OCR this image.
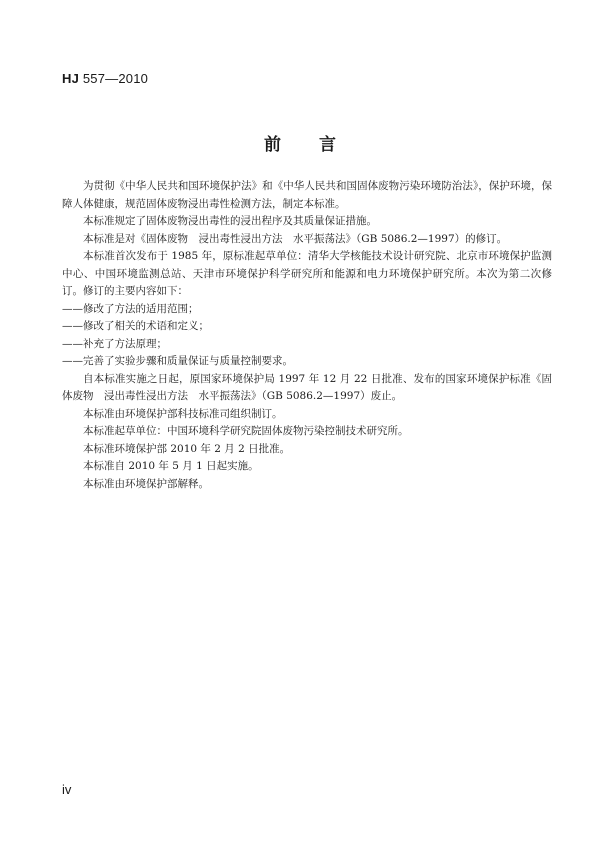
HJ 557—2010
前 言

为贯彻《中华人民共和国环境保护法》和《中华人民共和国固体废物污染环境防治法》，保护环境，保障人体健康，规范固体废物浸出毒性检测方法，制定本标准。

本标准规定了固体废物浸出毒性的浸出程序及其质量保证措施。

本标准是对《固体废物　浸出毒性浸出方法　水平振荡法》（GB 5086.2—1997）的修订。

本标准首次发布于 1985 年，原标准起草单位：清华大学核能技术设计研究院、北京市环境保护监测中心、中国环境监测总站、天津市环境保护科学研究所和能源和电力环境保护研究所。本次为第二次修订。修订的主要内容如下：

——修改了方法的适用范围；

——修改了相关的术语和定义；

——补充了方法原理；

——完善了实验步骤和质量保证与质量控制要求。

自本标准实施之日起，原国家环境保护局 1997 年 12 月 22 日批准、发布的国家环境保护标准《固体废物　浸出毒性浸出方法　水平振荡法》（GB 5086.2—1997）废止。

本标准由环境保护部科技标准司组织制订。

本标准起草单位：中国环境科学研究院固体废物污染控制技术研究所。

本标准环境保护部 2010 年 2 月 2 日批准。

本标准自 2010 年 5 月 1 日起实施。

本标准由环境保护部解释。

iv
